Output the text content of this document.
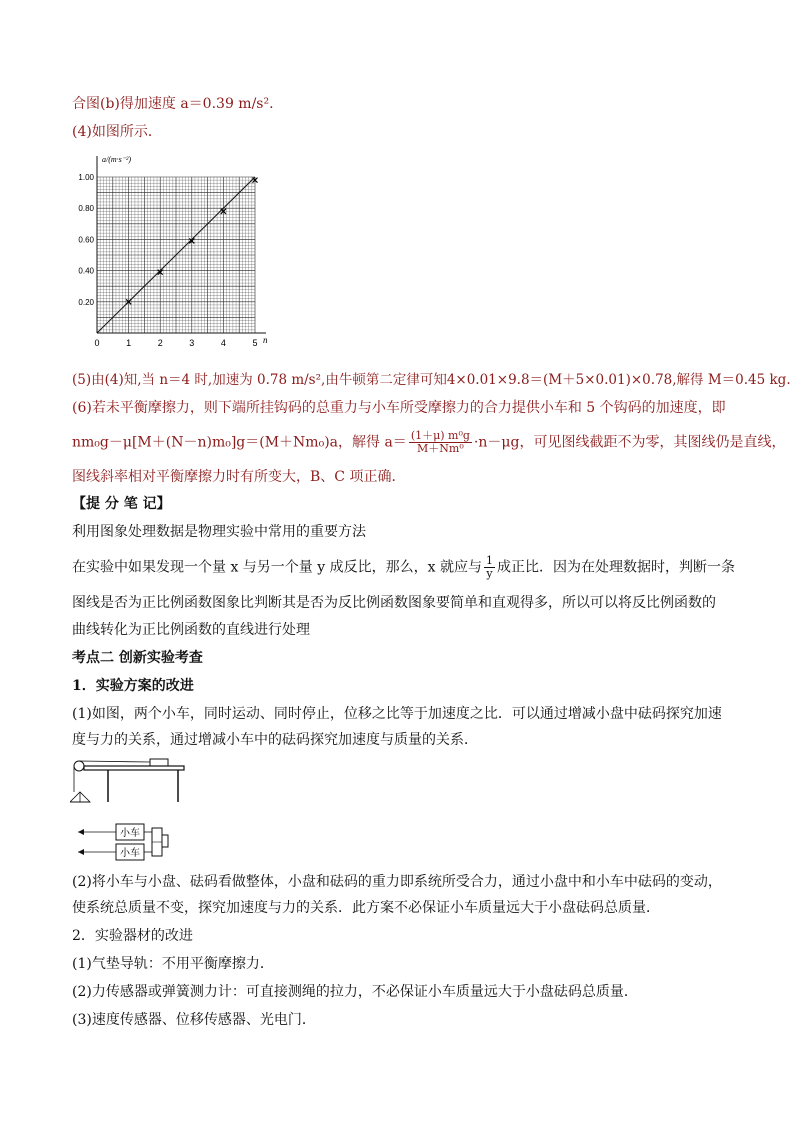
合图(b)得加速度 a＝0.39 m/s².
(4)如图所示．
0	1	2	3	4	5
0.20
0.40
0.60
0.80
1.00
a/(m·s⁻²)
n
(5)由(4)知,当 n＝4 时,加速为 0.78 m/s²,由牛顿第二定律可知4×0.01×9.8＝(M＋5×0.01)×0.78,解得 M＝0.45 kg.
(6)若未平衡摩擦力，则下端所挂钩码的总重力与小车所受摩擦力的合力提供小车和 5 个钩码的加速度，即
nm₀g－μ[M＋(N－n)m₀]g＝(M＋Nm₀)a，解得 $a= \frac{\text{(1＋μ) m⁰g}}{\text{M＋Nm⁰}} \cdot n-\mu g$，可见图线截距不为零，其图线仍是直线，
图线斜率相对平衡摩擦力时有所变大，B、C 项正确．
【提 分 笔 记】
利用图象处理数据是物理实验中常用的重要方法
在实验中如果发现一个量 x 与另一个量 y 成反比，那么，x 就应与 $\frac{1}{y}$ 成正比．因为在处理数据时，判断一条
图线是否为正比例函数图象比判断其是否为反比例函数图象要简单和直观得多，所以可以将反比例函数的
曲线转化为正比例函数的直线进行处理
考点二 创新实验考查
1．实验方案的改进
(1)如图，两个小车，同时运动、同时停止，位移之比等于加速度之比．可以通过增减小盘中砝码探究加速
度与力的关系，通过增减小车中的砝码探究加速度与质量的关系．
小车
小车
(2)将小车与小盘、砝码看做整体，小盘和砝码的重力即系统所受合力，通过小盘中和小车中砝码的变动，
使系统总质量不变，探究加速度与力的关系．此方案不必保证小车质量远大于小盘砝码总质量．
2．实验器材的改进
(1)气垫导轨：不用平衡摩擦力．
(2)力传感器或弹簧测力计：可直接测绳的拉力，不必保证小车质量远大于小盘砝码总质量．
(3)速度传感器、位移传感器、光电门．
